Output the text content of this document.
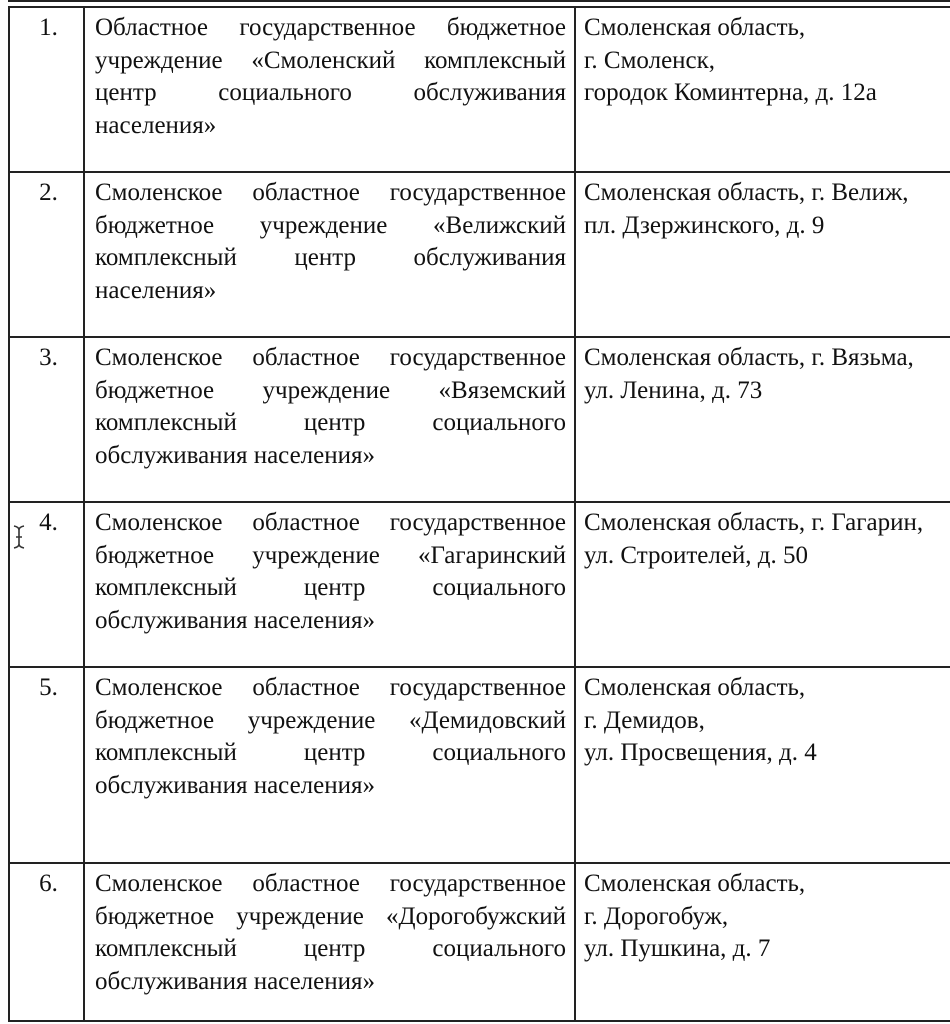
1.	Областное государственное бюджетное учреждение «Смоленский комплексный центр социального обслуживания населения»	Смоленская область,
г. Смоленск,
городок Коминтерна, д. 12а

2.	Смоленское областное государственное бюджетное учреждение «Велижский комплексный центр обслуживания населения»	Смоленская область, г. Велиж,
пл. Дзержинского, д. 9

3.	Смоленское областное государственное бюджетное учреждение «Вяземский комплексный центр социального обслуживания населения»	Смоленская область, г. Вязьма,
ул. Ленина, д. 73

4.	Смоленское областное государственное бюджетное учреждение «Гагаринский комплексный центр социального обслуживания населения»	Смоленская область, г. Гагарин,
ул. Строителей, д. 50

5.	Смоленское областное государственное бюджетное учреждение «Демидовский комплексный центр социального обслуживания населения»	Смоленская область,
г. Демидов,
ул. Просвещения, д. 4

6.	Смоленское областное государственное бюджетное учреждение «Дорогобужский комплексный центр социального обслуживания населения»	Смоленская область,
г. Дорогобуж,
ул. Пушкина, д. 7
